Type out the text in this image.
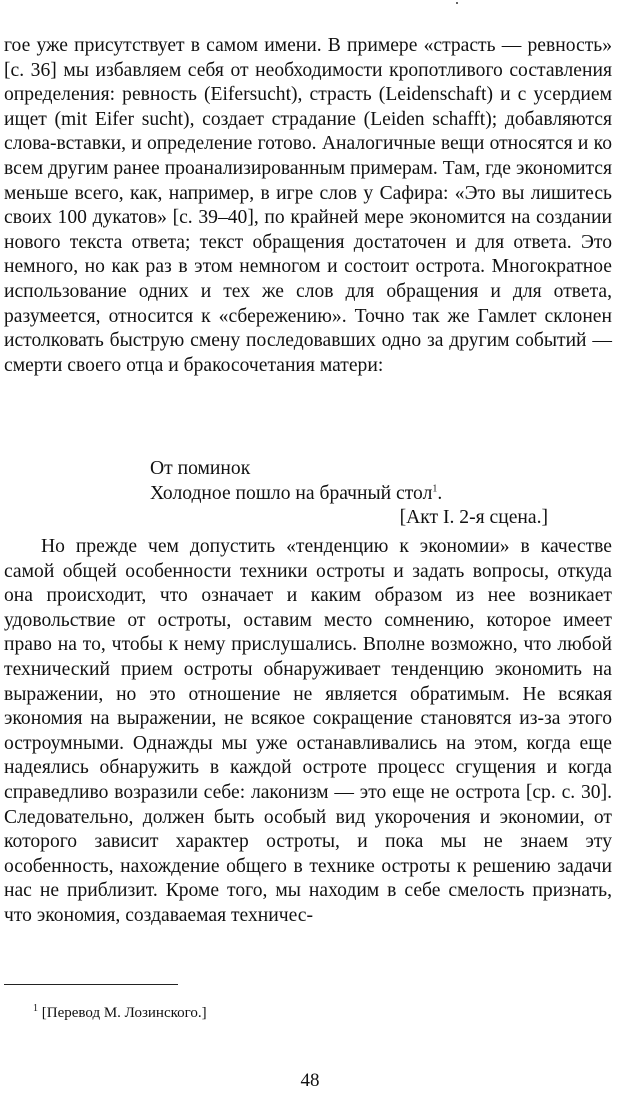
гое уже присутствует в самом имени. В примере «страсть — ревность» [с. 36] мы избавляем себя от необходимости кропотливого составления определения: ревность (Eifersucht), страсть (Leidenschaft) и с усердием ищет (mit Eifer sucht), создает страдание (Leiden schafft); добавляются слова-вставки, и определение готово. Аналогичные вещи относятся и ко всем другим ранее проанализированным примерам. Там, где экономится меньше всего, как, например, в игре слов у Сафира: «Это вы лишитесь своих 100 дукатов» [с. 39–40], по крайней мере экономится на создании нового текста ответа; текст обращения достаточен и для ответа. Это немного, но как раз в этом немногом и состоит острота. Многократное использование одних и тех же слов для обращения и для ответа, разумеется, относится к «сбережению». Точно так же Гамлет склонен истолковать быструю смену последовавших одно за другим событий — смерти своего отца и бракосочетания матери:

От поминок
Холодное пошло на брачный стол$^1$.
[Акт I. 2-я сцена.]

Но прежде чем допустить «тенденцию к экономии» в качестве самой общей особенности техники остроты и задать вопросы, откуда она происходит, что означает и каким образом из нее возникает удовольствие от остроты, оставим место сомнению, которое имеет право на то, чтобы к нему прислушались. Вполне возможно, что любой технический прием остроты обнаруживает тенденцию экономить на выражении, но это отношение не является обратимым. Не всякая экономия на выражении, не всякое сокращение становятся из-за этого остроумными. Однажды мы уже останавливались на этом, когда еще надеялись обнаружить в каждой остроте процесс сгущения и когда справедливо возразили себе: лаконизм — это еще не острота [ср. с. 30]. Следовательно, должен быть особый вид укорочения и экономии, от которого зависит характер остроты, и пока мы не знаем эту особенность, нахождение общего в технике остроты к решению задачи нас не приблизит. Кроме того, мы находим в себе смелость признать, что экономия, создаваемая техничес-

$^1$ [Перевод М. Лозинского.]
48
